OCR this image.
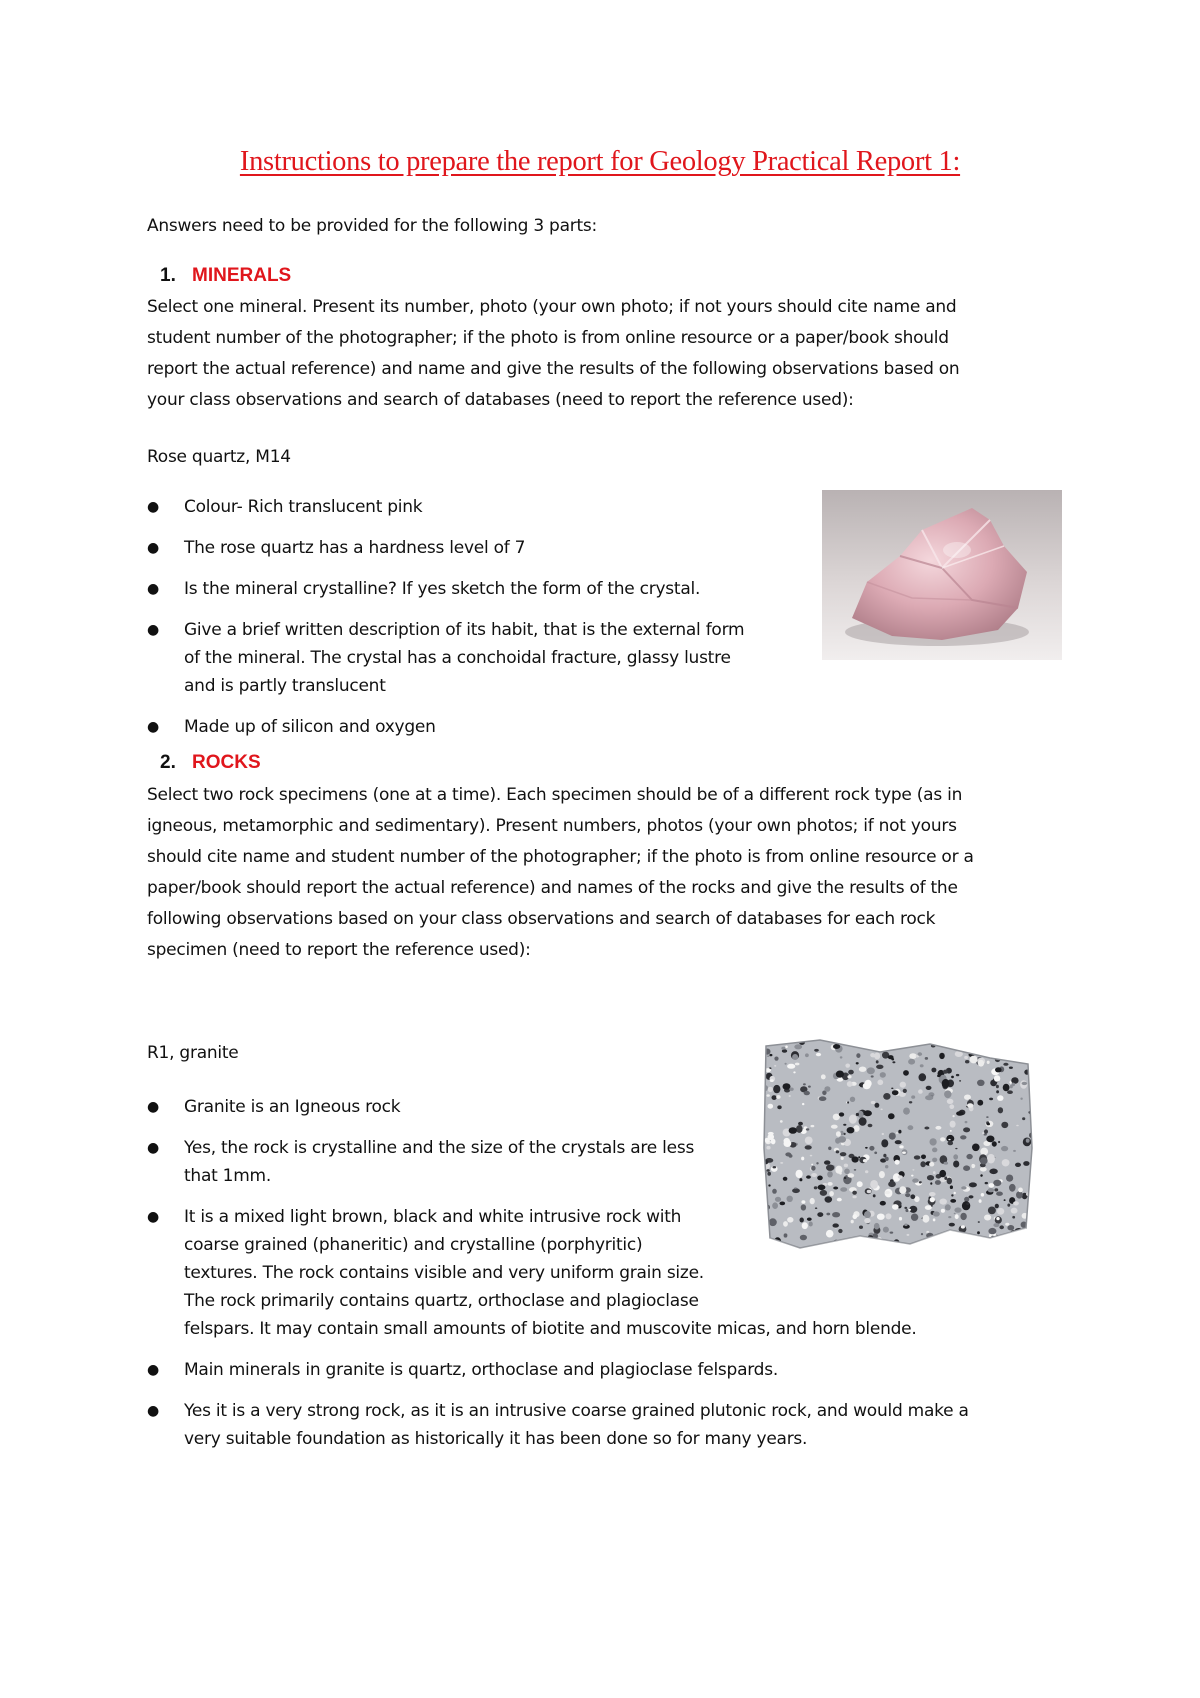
Instructions to prepare the report for Geology Practical Report 1:
Answers need to be provided for the following 3 parts:
1. MINERALS
Select one mineral. Present its number, photo (your own photo; if not yours should cite name and
student number of the photographer; if the photo is from online resource or a paper/book should
report the actual reference) and name and give the results of the following observations based on
your class observations and search of databases (need to report the reference used):
Rose quartz, M14
● Colour- Rich translucent pink
● The rose quartz has a hardness level of 7
● Is the mineral crystalline? If yes sketch the form of the crystal.
● Give a brief written description of its habit, that is the external form
of the mineral. The crystal has a conchoidal fracture, glassy lustre
and is partly translucent
● Made up of silicon and oxygen
2. ROCKS
Select two rock specimens (one at a time). Each specimen should be of a different rock type (as in
igneous, metamorphic and sedimentary). Present numbers, photos (your own photos; if not yours
should cite name and student number of the photographer; if the photo is from online resource or a
paper/book should report the actual reference) and names of the rocks and give the results of the
following observations based on your class observations and search of databases for each rock
specimen (need to report the reference used):
R1, granite
● Granite is an Igneous rock
● Yes, the rock is crystalline and the size of the crystals are less
that 1mm.
● It is a mixed light brown, black and white intrusive rock with
coarse grained (phaneritic) and crystalline (porphyritic)
textures. The rock contains visible and very uniform grain size.
The rock primarily contains quartz, orthoclase and plagioclase
felspars. It may contain small amounts of biotite and muscovite micas, and horn blende.
● Main minerals in granite is quartz, orthoclase and plagioclase felspards.
● Yes it is a very strong rock, as it is an intrusive coarse grained plutonic rock, and would make a
very suitable foundation as historically it has been done so for many years.
